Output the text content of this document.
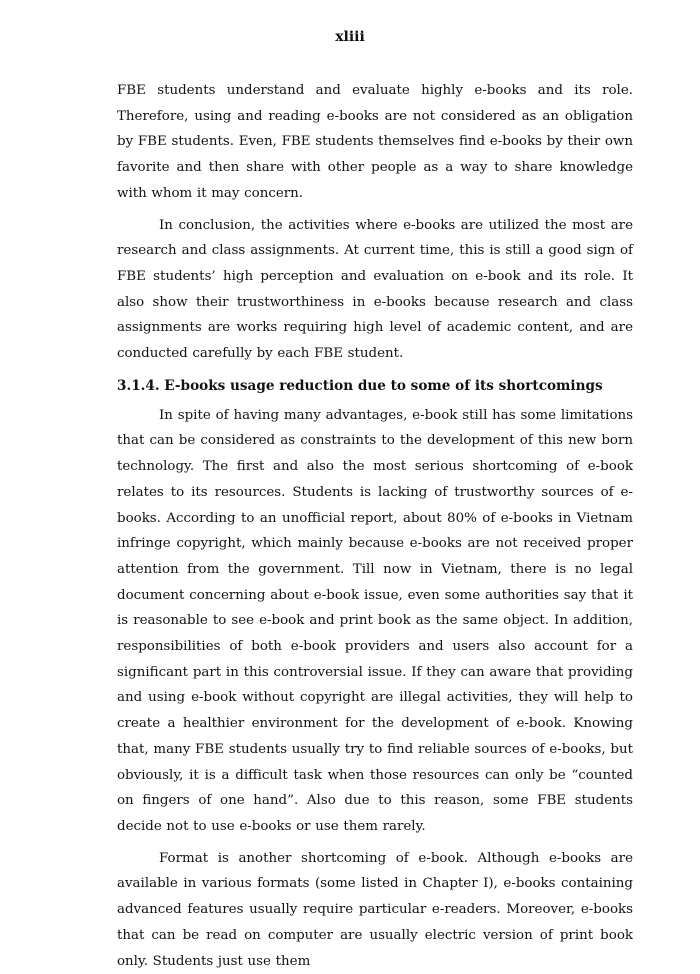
xliii

FBE students understand and evaluate highly e-books and its role. Therefore, using and reading e-books are not considered as an obligation by FBE students. Even, FBE students themselves find e-books by their own favorite and then share with other people as a way to share knowledge with whom it may concern.

In conclusion, the activities where e-books are utilized the most are research and class assignments. At current time, this is still a good sign of FBE students’ high perception and evaluation on e-book and its role. It also show their trustworthiness in e-books because research and class assignments are works requiring high level of academic content, and are conducted carefully by each FBE student.

3.1.4. E-books usage reduction due to some of its shortcomings

In spite of having many advantages, e-book still has some limitations that can be considered as constraints to the development of this new born technology. The first and also the most serious shortcoming of e-book relates to its resources. Students is lacking of trustworthy sources of e-books. According to an unofficial report, about 80% of e-books in Vietnam infringe copyright, which mainly because e-books are not received proper attention from the government. Till now in Vietnam, there is no legal document concerning about e-book issue, even some authorities say that it is reasonable to see e-book and print book as the same object. In addition, responsibilities of both e-book providers and users also account for a significant part in this controversial issue. If they can aware that providing and using e-book without copyright are illegal activities, they will help to create a healthier environment for the development of e-book. Knowing that, many FBE students usually try to find reliable sources of e-books, but obviously, it is a difficult task when those resources can only be “counted on fingers of one hand”. Also due to this reason, some FBE students decide not to use e-books or use them rarely.

Format is another shortcoming of e-book. Although e-books are available in various formats (some listed in Chapter I), e-books containing advanced features usually require particular e-readers. Moreover, e-books that can be read on computer are usually electric version of print book only. Students just use them
